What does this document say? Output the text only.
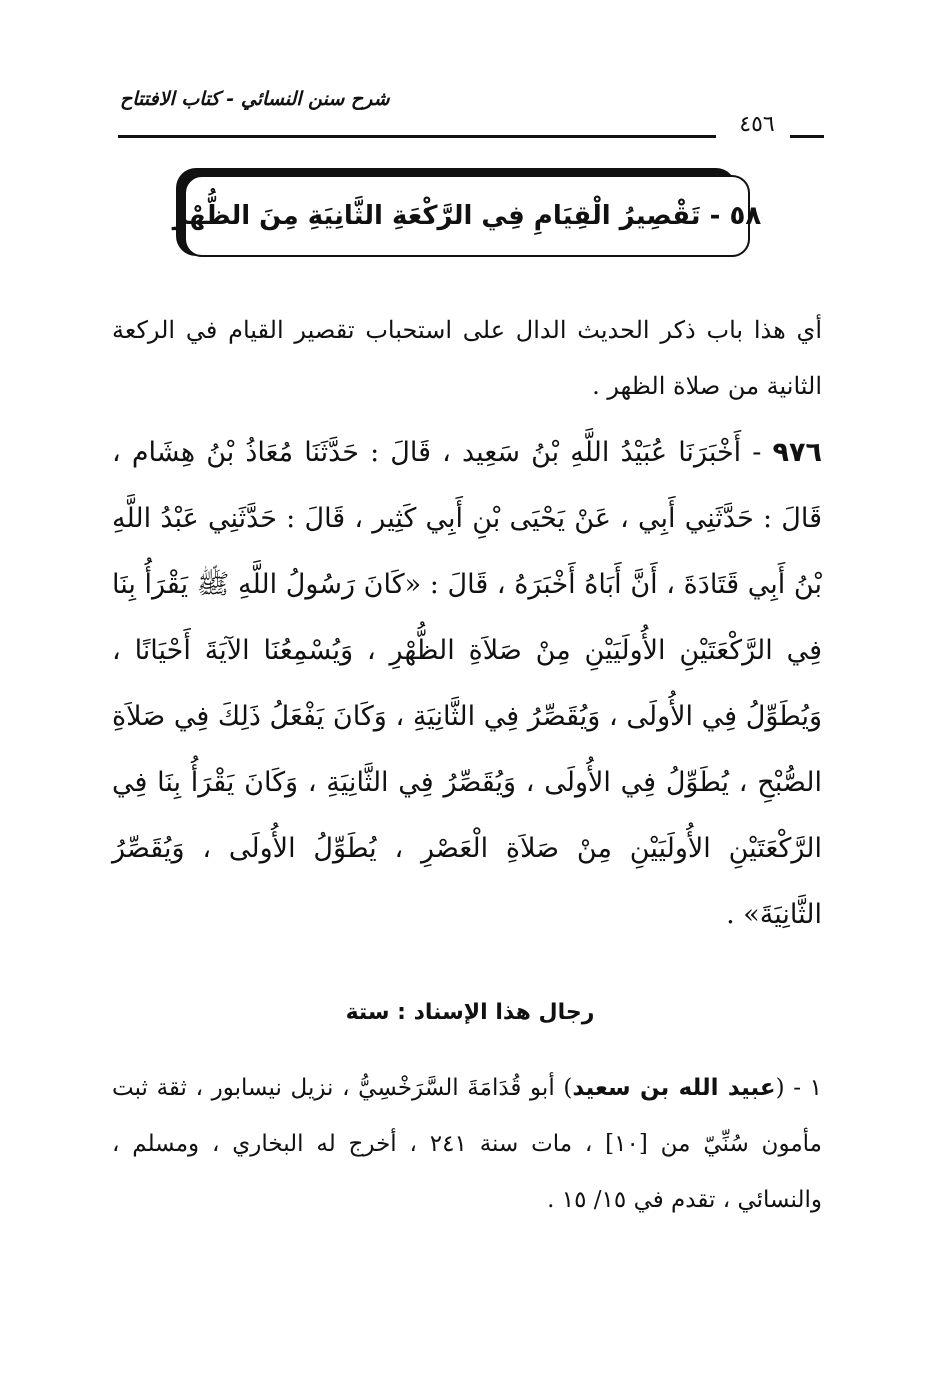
شرح سنن النسائي - كتاب الافتتاح
٤٥٦
٥٨ - تَقْصِيرُ الْقِيَامِ فِي الرَّكْعَةِ الثَّانِيَةِ مِنَ الظُّهْرِ
أي هذا باب ذكر الحديث الدال على استحباب تقصير القيام في الركعة الثانية من صلاة الظهر .
٩٧٦ - أَخْبَرَنَا عُبَيْدُ اللَّهِ بْنُ سَعِيد ، قَالَ : حَدَّثَنَا مُعَاذُ بْنُ هِشَام ، قَالَ : حَدَّثَنِي أَبِي ، عَنْ يَحْيَى بْنِ أَبِي كَثِير ، قَالَ : حَدَّثَنِي عَبْدُ اللَّهِ بْنُ أَبِي قَتَادَةَ ، أَنَّ أَبَاهُ أَخْبَرَهُ ، قَالَ : «كَانَ رَسُولُ اللَّهِ ﷺ يَقْرَأُ بِنَا فِي الرَّكْعَتَيْنِ الأُولَيَيْنِ مِنْ صَلاَةِ الظُّهْرِ ، وَيُسْمِعُنَا الآيَةَ أَحْيَانًا ، وَيُطَوِّلُ فِي الأُولَى ، وَيُقَصِّرُ فِي الثَّانِيَةِ ، وَكَانَ يَفْعَلُ ذَلِكَ فِي صَلاَةِ الصُّبْحِ ، يُطَوِّلُ فِي الأُولَى ، وَيُقَصِّرُ فِي الثَّانِيَةِ ، وَكَانَ يَقْرَأُ بِنَا فِي الرَّكْعَتَيْنِ الأُولَيَيْنِ مِنْ صَلاَةِ الْعَصْرِ ، يُطَوِّلُ الأُولَى ، وَيُقَصِّرُ الثَّانِيَةَ» .
رجال هذا الإسناد : ستة
١ - (عبيد الله بن سعيد) أبو قُدَامَةَ السَّرَخْسِيُّ ، نزيل نيسابور ، ثقة ثبت مأمون سُنِّيّ من [١٠] ، مات سنة ٢٤١ ، أخرج له البخاري ، ومسلم ، والنسائي ، تقدم في ١٥/ ١٥ .
